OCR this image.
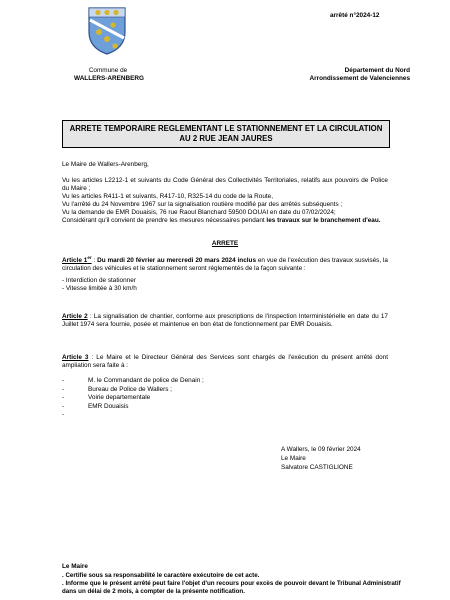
arrêté n°2024-12
Commune de
WALLERS-ARENBERG
Département du Nord
Arrondissement de Valenciennes
ARRETE TEMPORAIRE REGLEMENTANT LE STATIONNEMENT ET LA CIRCULATION AU 2 RUE JEAN JAURES
Le Maire de Wallers-Arenberg,
Vu les articles L2212-1 et suivants du Code Général des Collectivités Territoriales, relatifs aux pouvoirs de Police du Maire ;
Vu les articles R411-1 et suivants, R417-10, R325-14 du code de la Route,
Vu l'arrêté du 24 Novembre 1967 sur la signalisation routière modifié par des arrêtés subséquents ;
Vu la demande de EMR Douaisis, 76 rue Raoul Blanchard 59500 DOUAI en date du 07/02/2024;
Considérant qu'il convient de prendre les mesures nécessaires pendant les travaux sur le branchement d'eau.
ARRETE
Article 1er : Du mardi 20 février au mercredi 20 mars 2024 inclus en vue de l'exécution des travaux susvisés, la circulation des véhicules et le stationnement seront réglementés de la façon suivante :
- Interdiction de stationner
- Vitesse limitée à 30 km/h
Article 2 : La signalisation de chantier, conforme aux prescriptions de l'inspection Interministérielle en date du 17 Juillet 1974 sera fournie, posée et maintenue en bon état de fonctionnement par EMR Douaisis.
Article 3 : Le Maire et le Directeur Général des Services sont chargés de l'exécution du présent arrêté dont ampliation sera faite à :
- M. le Commandant de police de Denain ;
- Bureau de Police de Wallers ;
- Voirie departementale
- EMR Douaisis
-
A Wallers, le 09 février 2024
Le Maire
Salvatore CASTIGLIONE
Le Maire
. Certifie sous sa responsabilité le caractère exécutoire de cet acte.
. Informe que le présent arrêté peut faire l'objet d'un recours pour excès de pouvoir devant le Tribunal Administratif dans un délai de 2 mois, à compter de la présente notification.
